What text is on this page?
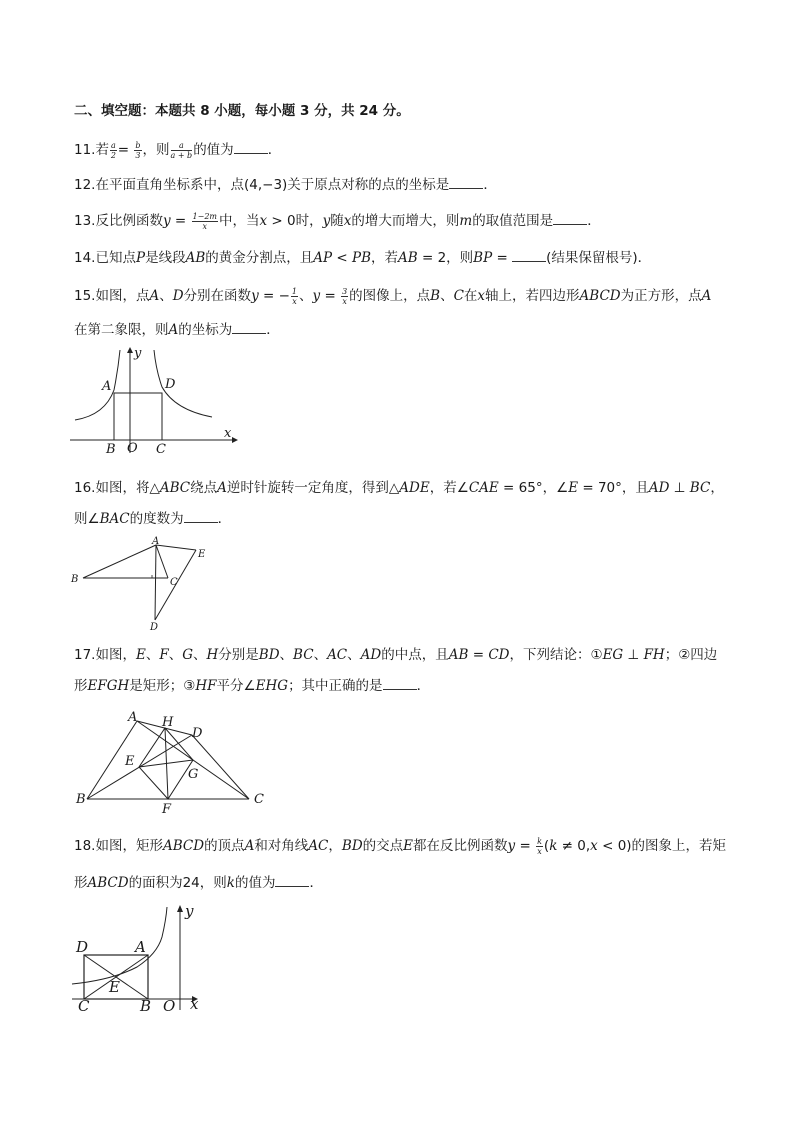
二、填空题：本题共 8 小题，每小题 3 分，共 24 分。
11.若 $\frac{a}{2} = \frac{b}{3}$ ，则 $\frac{a}{a + b}$ 的值为	．
12.在平面直角坐标系中，点(4,−3)关于原点对称的点的坐标是	．
13.反比例函数$y = \frac{1-2m}{x}$ 中，当x > 0时，y随x的增大而增大，则m的取值范围是	．
14.已知点P是线段AB的黄金分割点，且AP < PB，若AB = 2，则BP =	(结果保留根号)．
15.如图，点A、D分别在函数y = − $\frac{1}{x}$ 、$y = \frac{3}{x}$ 的图像上，点B、C在x轴上，若四边形ABCD为正方形，点A
在第二象限，则A的坐标为	．
y
A	D
B O C
x
16.如图，将△ABC绕点A逆时针旋转一定角度，得到△ADE，若∠CAE = 65°，∠E = 70°，且AD ⊥ BC，
则∠BAC的度数为	．
A
E
B	C
D
17.如图，E、F、G、H分别是BD、BC、AC、AD的中点，且AB = CD，下列结论：①EG ⊥ FH；②四边
形EFGH是矩形；③HF平分∠EHG；其中正确的是	．
A H
D
E
G
B
F
C
18.如图，矩形ABCD的顶点A和对角线AC，BD的交点E都在反比例函数$y = \frac{k}{x} (k \ne 0,x < 0)$的图象上，若矩
形ABCD的面积为24，则k的值为	．
y
D	A
E
C	B O x
